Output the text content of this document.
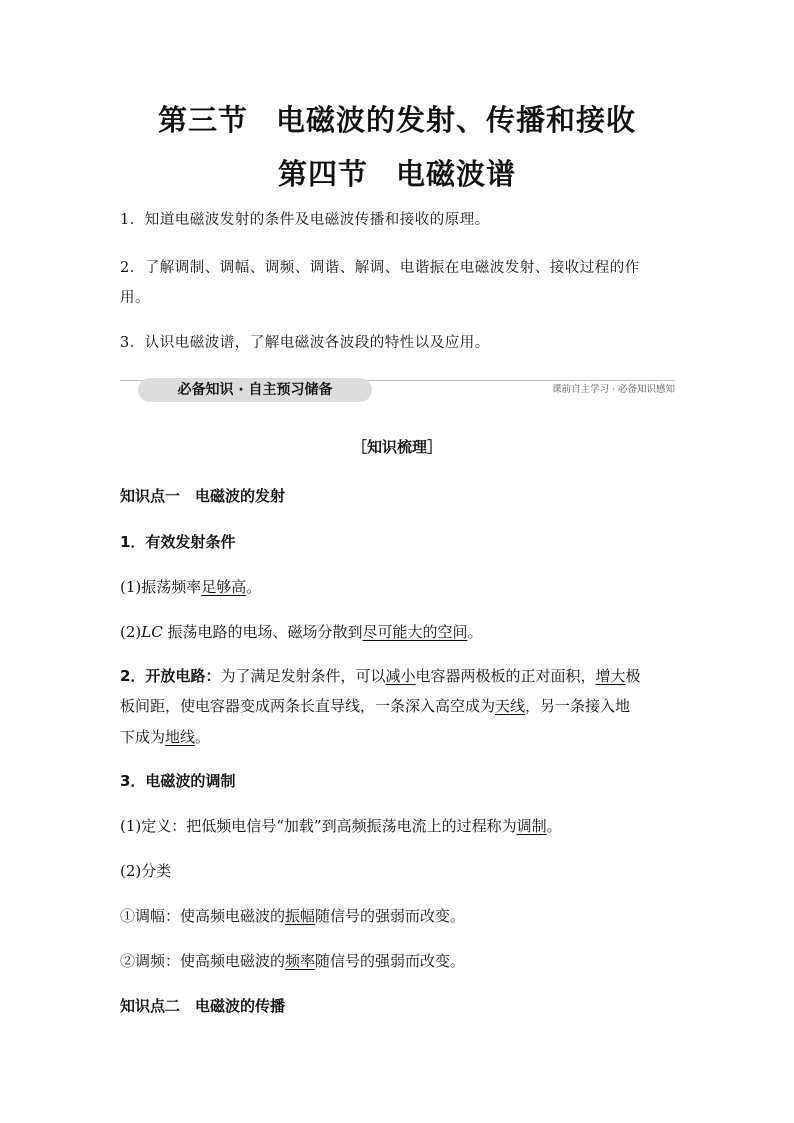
第三节 电磁波的发射、传播和接收
第四节 电磁波谱
1．知道电磁波发射的条件及电磁波传播和接收的原理。
2．了解调制、调幅、调频、调谐、解调、电谐振在电磁波发射、接收过程的作
用。
3．认识电磁波谱，了解电磁波各波段的特性以及应用。
必备知识 · 自主预习储备	课前自主学习 · 必备知识感知
［知识梳理］
知识点一　电磁波的发射
1．有效发射条件
(1)振荡频率足够高。
(2)LC 振荡电路的电场、磁场分散到尽可能大的空间。
2．开放电路：为了满足发射条件，可以减小电容器两极板的正对面积，增大极
板间距，使电容器变成两条长直导线，一条深入高空成为天线，另一条接入地
下成为地线。
3．电磁波的调制
(1)定义：把低频电信号“加载”到高频振荡电流上的过程称为调制。
(2)分类
①调幅：使高频电磁波的振幅随信号的强弱而改变。
②调频：使高频电磁波的频率随信号的强弱而改变。
知识点二　电磁波的传播
